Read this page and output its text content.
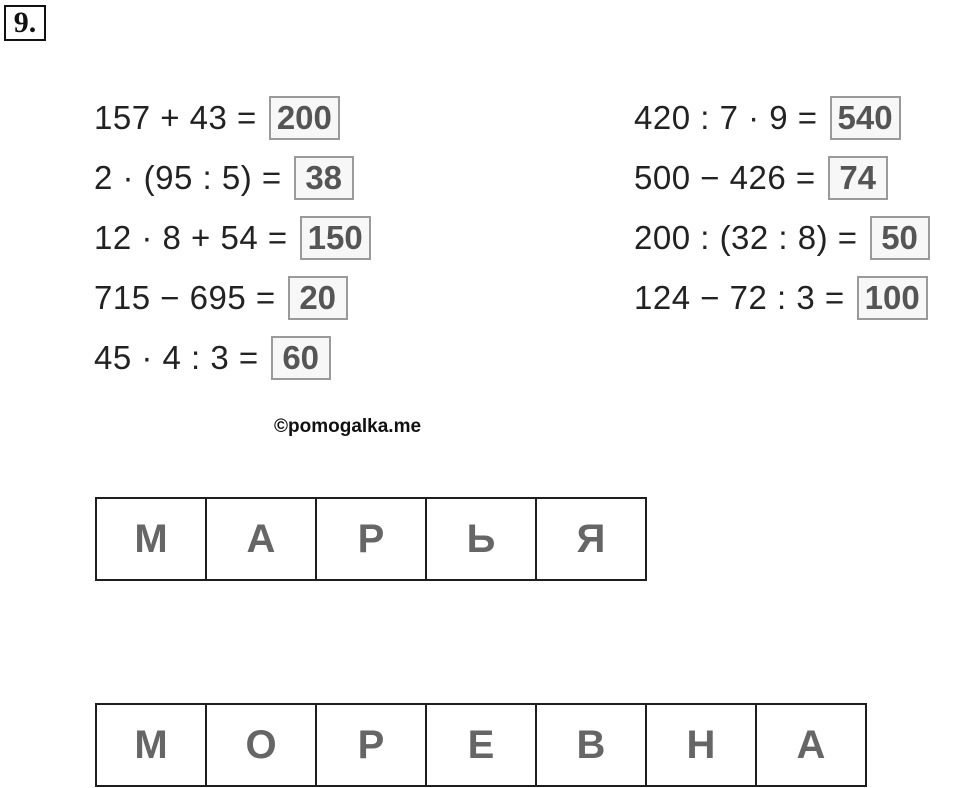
9.
157 + 43 = 200
2 · (95 : 5) = 38
12 · 8 + 54 = 150
715 − 695 = 20
45 · 4 : 3 = 60
420 : 7 · 9 = 540
500 − 426 = 74
200 : (32 : 8) = 50
124 − 72 : 3 = 100
©pomogalka.me
М	А	Р	Ь	Я
М	О	Р	Е	В	Н	А
